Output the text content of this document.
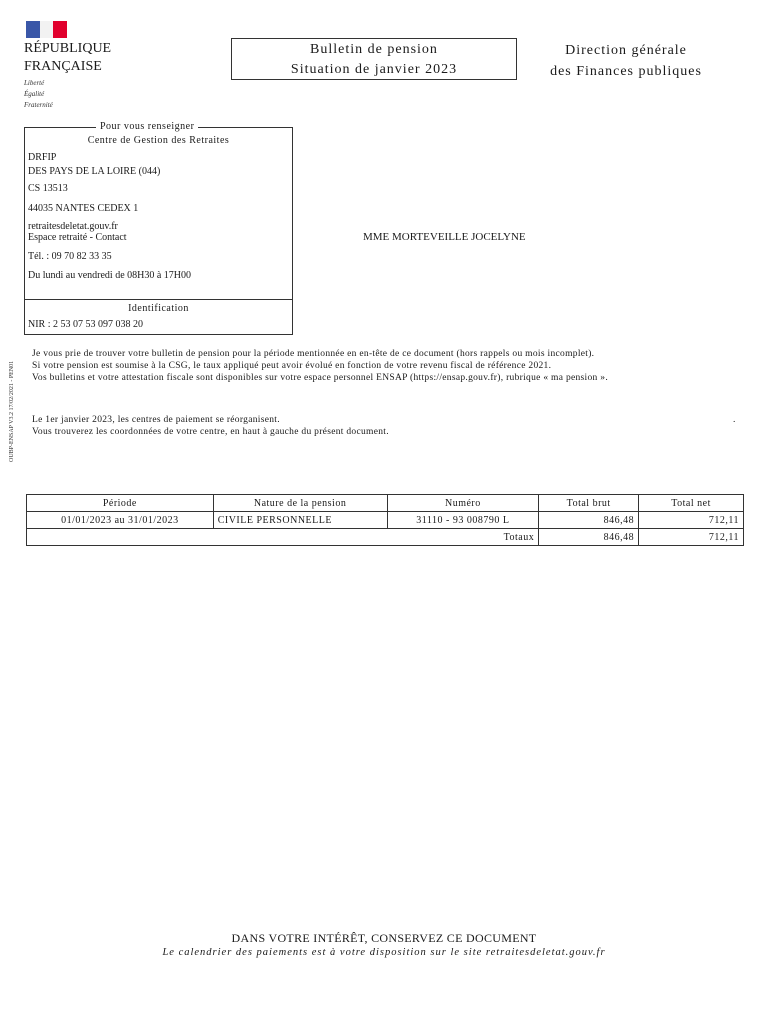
RÉPUBLIQUE
FRANÇAISE
Liberté
Égalité
Fraternité
Bulletin de pension
Situation de janvier 2023
Direction générale
des Finances publiques
Pour vous renseigner
Centre de Gestion des Retraites
DRFIP
DES PAYS DE LA LOIRE (044)
CS 13513
44035 NANTES CEDEX 1
retraitesdeletat.gouv.fr
Espace retraité - Contact
Tél. : 09 70 82 33 35
Du lundi au vendredi de 08H30 à 17H00
Identification
NIR : 2 53 07 53 097 038 20
MME MORTEVEILLE JOCELYNE
OUBP-ENSAP V3.2 17/02/2021 - PEN01
Je vous prie de trouver votre bulletin de pension pour la période mentionnée en en-tête de ce document (hors rappels ou mois incomplet).
Si votre pension est soumise à la CSG, le taux appliqué peut avoir évolué en fonction de votre revenu fiscal de référence 2021.
Vos bulletins et votre attestation fiscale sont disponibles sur votre espace personnel ENSAP (https://ensap.gouv.fr), rubrique « ma pension ».
Le 1er janvier 2023, les centres de paiement se réorganisent.
Vous trouverez les coordonnées de votre centre, en haut à gauche du présent document.
.
Période	Nature de la pension	Numéro	Total brut	Total net
01/01/2023 au 31/01/2023	CIVILE PERSONNELLE	31110 - 93 008790 L	846,48	712,11
Totaux			846,48	712,11
DANS VOTRE INTÉRÊT, CONSERVEZ CE DOCUMENT
Le calendrier des paiements est à votre disposition sur le site retraitesdeletat.gouv.fr
